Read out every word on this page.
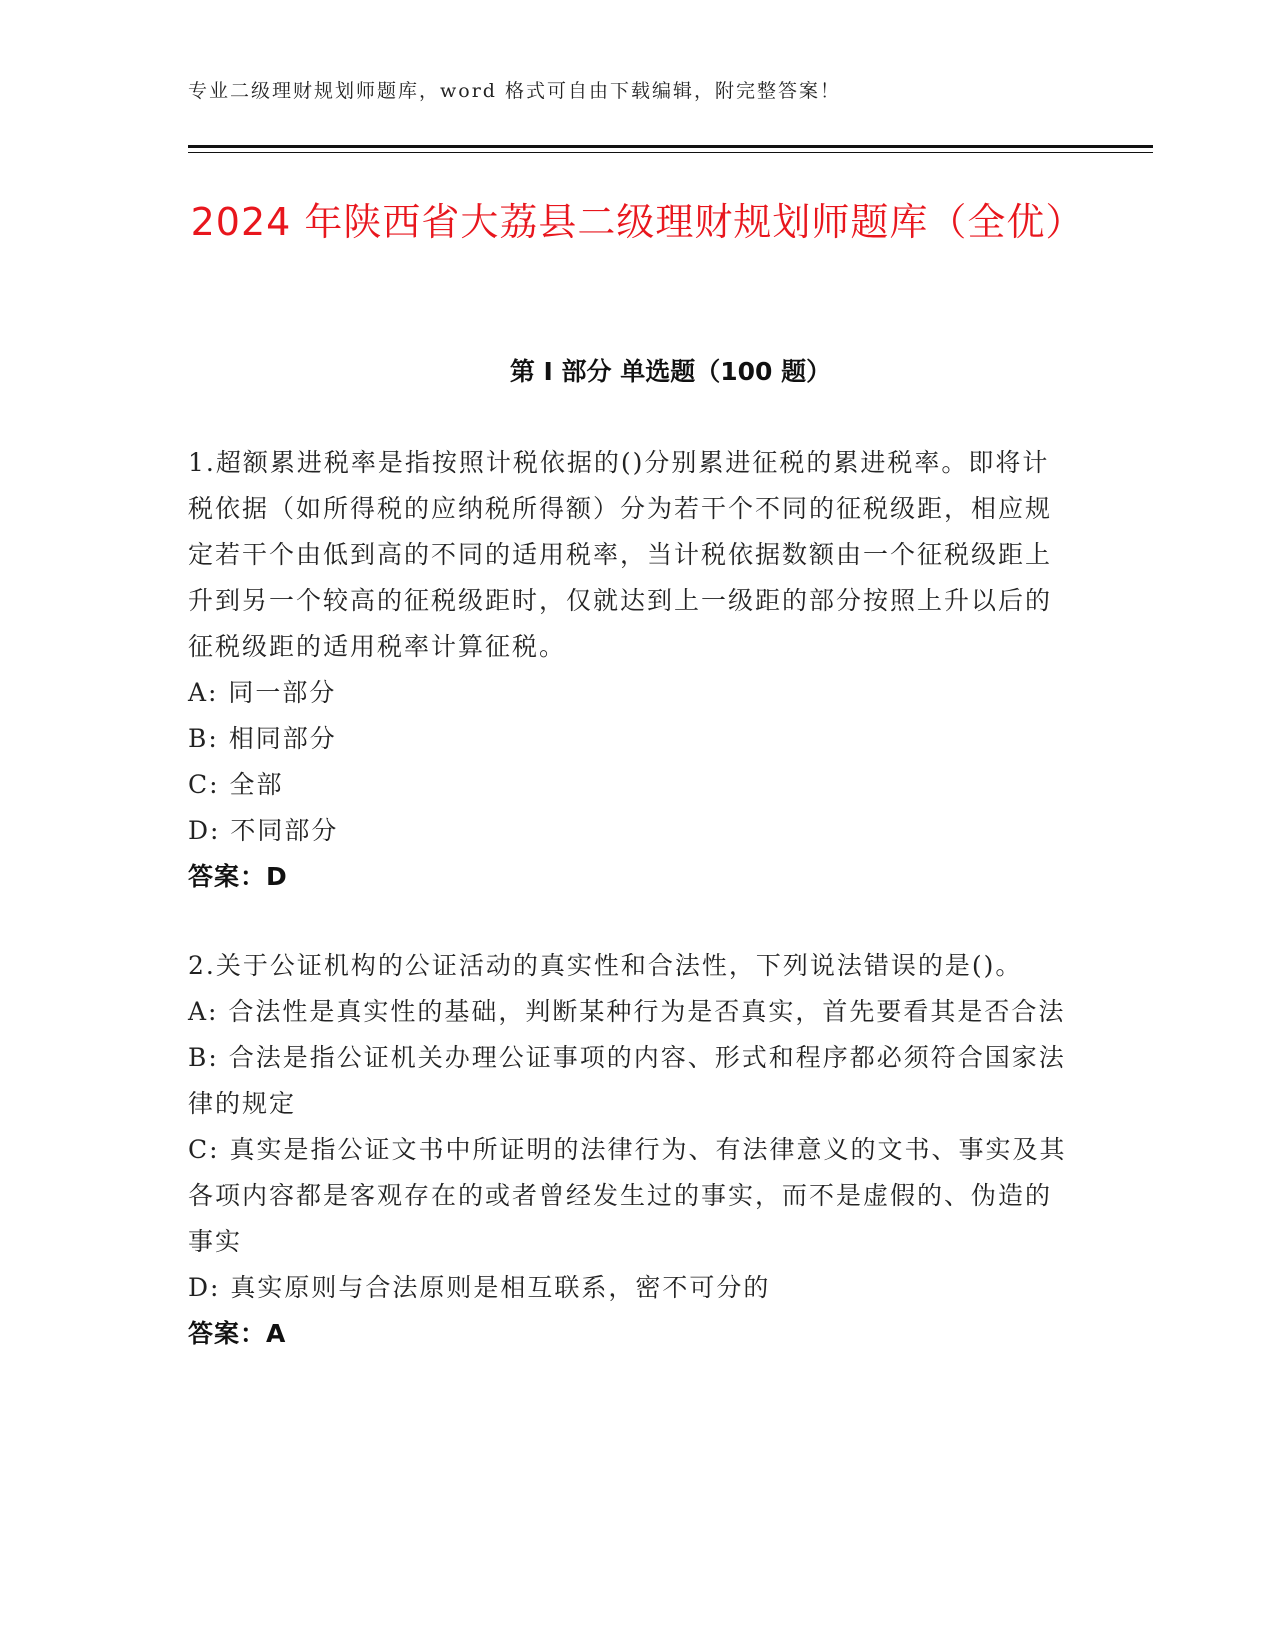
专业二级理财规划师题库，word 格式可自由下载编辑，附完整答案！
2024 年陕西省大荔县二级理财规划师题库（全优）
第 I 部分 单选题（100 题）

1.超额累进税率是指按照计税依据的()分别累进征税的累进税率。即将计税依据（如所得税的应纳税所得额）分为若干个不同的征税级距，相应规定若干个由低到高的不同的适用税率，当计税依据数额由一个征税级距上升到另一个较高的征税级距时，仅就达到上一级距的部分按照上升以后的征税级距的适用税率计算征税。

A: 同一部分

B: 相同部分

C: 全部

D: 不同部分

答案：D

2.关于公证机构的公证活动的真实性和合法性，下列说法错误的是()。

A: 合法性是真实性的基础，判断某种行为是否真实，首先要看其是否合法

B: 合法是指公证机关办理公证事项的内容、形式和程序都必须符合国家法律的规定

C: 真实是指公证文书中所证明的法律行为、有法律意义的文书、事实及其各项内容都是客观存在的或者曾经发生过的事实，而不是虚假的、伪造的事实

D: 真实原则与合法原则是相互联系，密不可分的

答案：A
